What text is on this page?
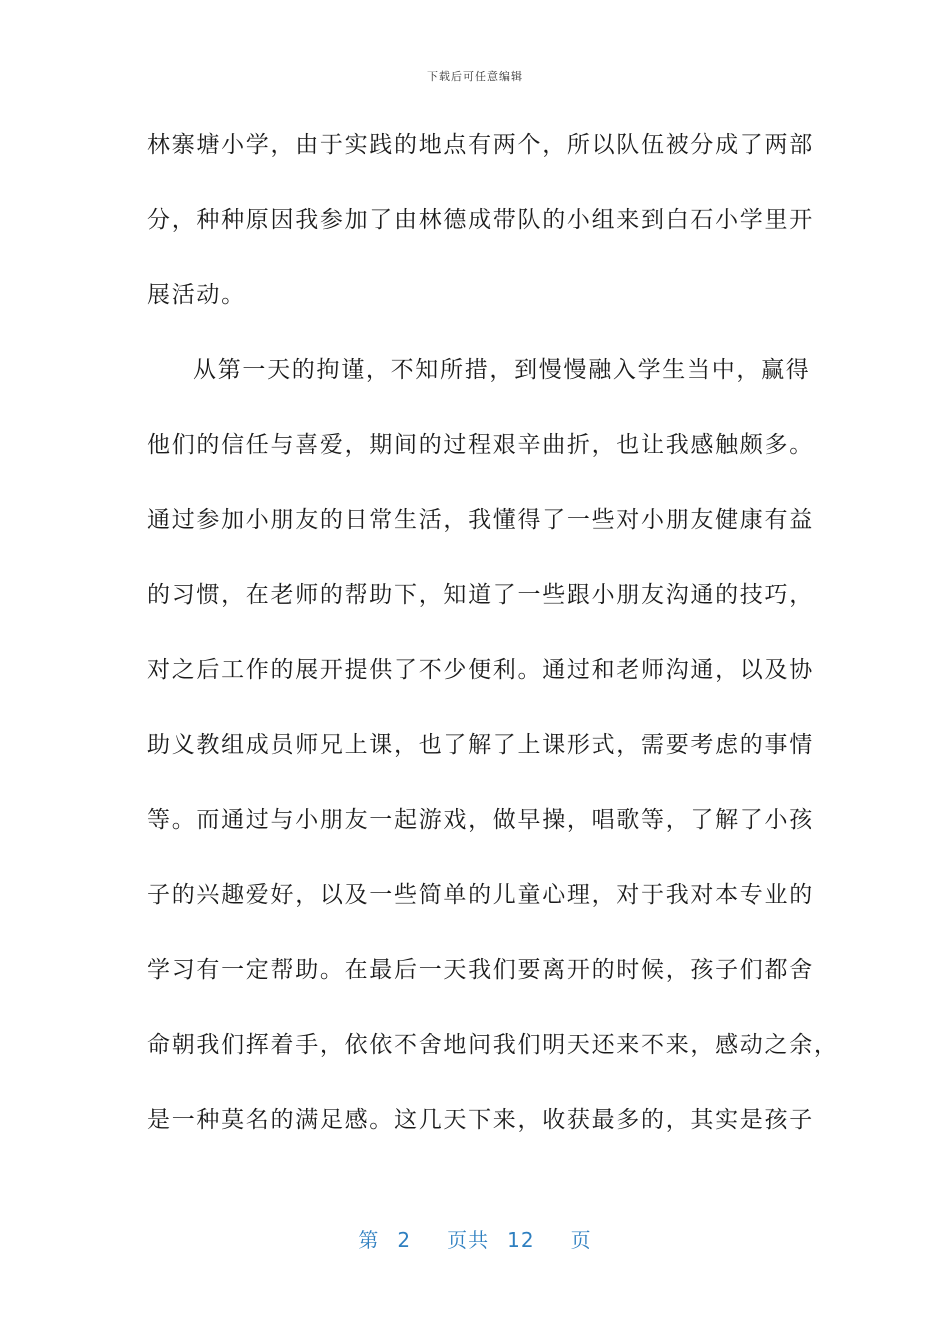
下载后可任意编辑
林寨塘小学，由于实践的地点有两个，所以队伍被分成了两部
分，种种原因我参加了由林德成带队的小组来到白石小学里开
展活动。
从第一天的拘谨，不知所措，到慢慢融入学生当中，赢得
他们的信任与喜爱，期间的过程艰辛曲折，也让我感触颇多。
通过参加小朋友的日常生活，我懂得了一些对小朋友健康有益
的习惯，在老师的帮助下，知道了一些跟小朋友沟通的技巧，
对之后工作的展开提供了不少便利。通过和老师沟通，以及协
助义教组成员师兄上课，也了解了上课形式，需要考虑的事情
等。而通过与小朋友一起游戏，做早操，唱歌等，了解了小孩
子的兴趣爱好，以及一些简单的儿童心理，对于我对本专业的
学习有一定帮助。在最后一天我们要离开的时候，孩子们都舍
命朝我们挥着手，依依不舍地问我们明天还来不来，感动之余，
是一种莫名的满足感。这几天下来，收获最多的，其实是孩子
第 2 页共 12 页
